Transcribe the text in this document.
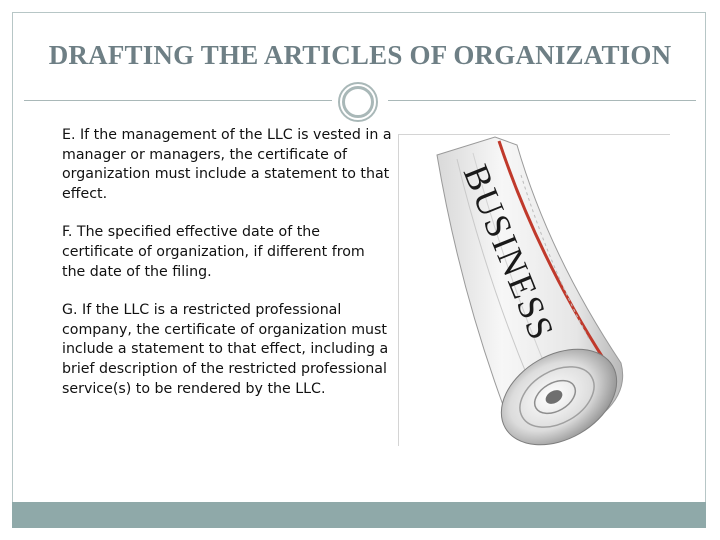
DRAFTING THE ARTICLES OF ORGANIZATION

E. If the management of the LLC is vested in a manager or managers, the certificate of organization must include a statement to that effect.

F. The specified effective date of the certificate of organization, if different from the date of the filing.

G. If the LLC is a restricted professional company, the certificate of organization must include a statement to that effect, including a brief description of the restricted professional service(s) to be rendered by the LLC.

BUSINESS
